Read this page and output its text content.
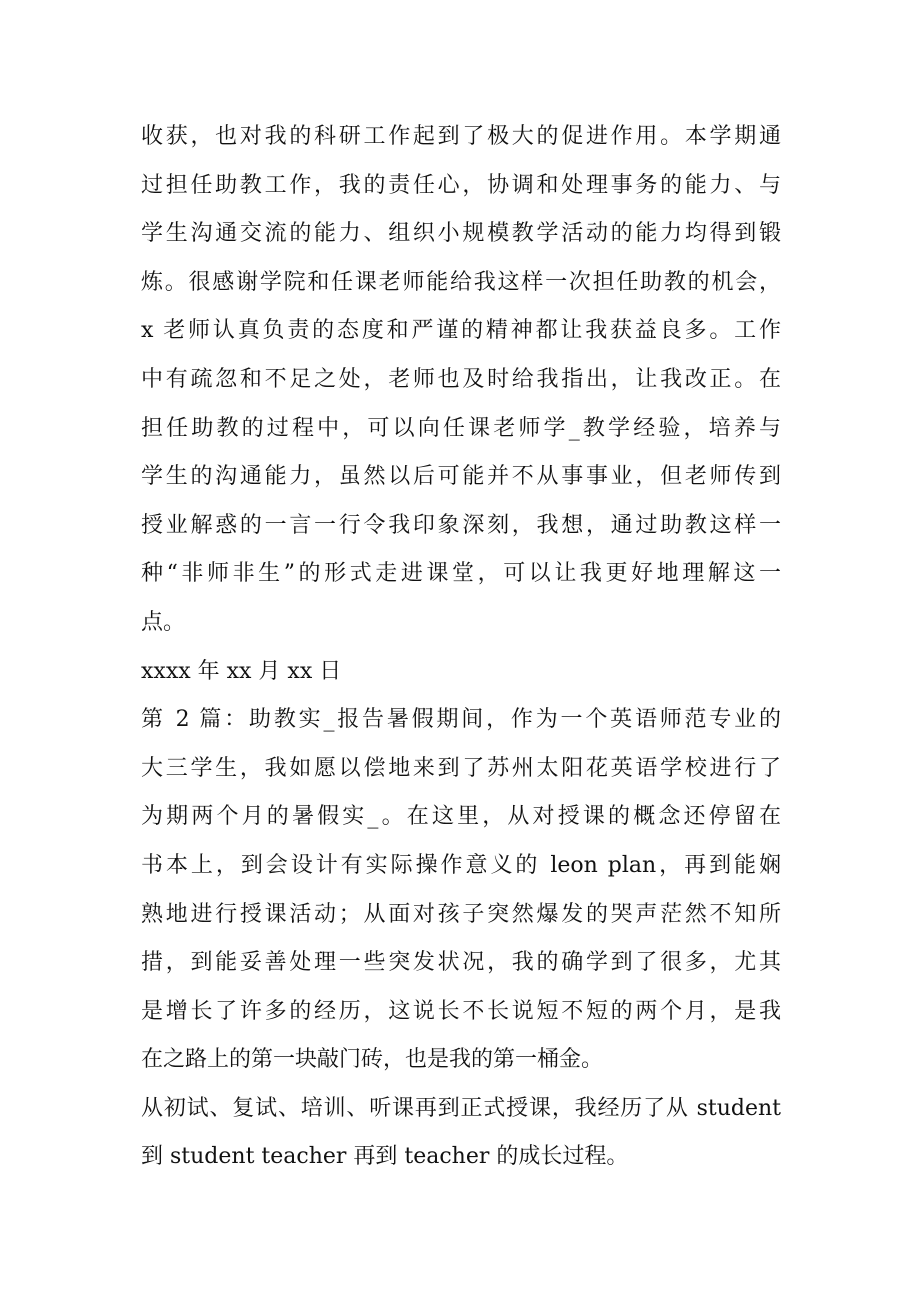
收获，也对我的科研工作起到了极大的促进作用。本学期通
过担任助教工作，我的责任心，协调和处理事务的能力、与
学生沟通交流的能力、组织小规模教学活动的能力均得到锻
炼。很感谢学院和任课老师能给我这样一次担任助教的机会，
x 老师认真负责的态度和严谨的精神都让我获益良多。工作
中有疏忽和不足之处，老师也及时给我指出，让我改正。在
担任助教的过程中，可以向任课老师学_教学经验，培养与
学生的沟通能力，虽然以后可能并不从事事业，但老师传到
授业解惑的一言一行令我印象深刻，我想，通过助教这样一
种“非师非生”的形式走进课堂，可以让我更好地理解这一
点。
xxxx 年 xx 月 xx 日
第 2 篇：助教实_报告暑假期间，作为一个英语师范专业的
大三学生，我如愿以偿地来到了苏州太阳花英语学校进行了
为期两个月的暑假实_。在这里，从对授课的概念还停留在
书本上，到会设计有实际操作意义的 leon plan，再到能娴
熟地进行授课活动；从面对孩子突然爆发的哭声茫然不知所
措，到能妥善处理一些突发状况，我的确学到了很多，尤其
是增长了许多的经历，这说长不长说短不短的两个月，是我
在之路上的第一块敲门砖，也是我的第一桶金。
从初试、复试、培训、听课再到正式授课，我经历了从 student
到 student teacher 再到 teacher 的成长过程。
